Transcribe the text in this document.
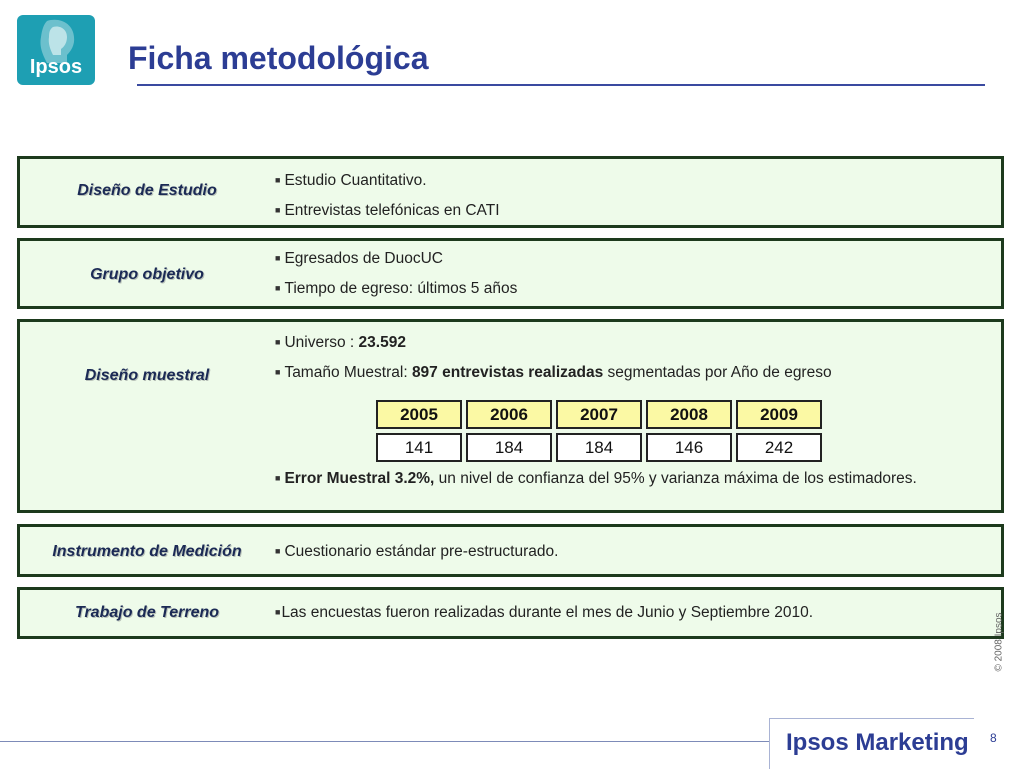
Ipsos	Ficha metodológica
Diseño de Estudio
■ Estudio Cuantitativo.
■ Entrevistas telefónicas en CATI
Grupo objetivo
■ Egresados de DuocUC
■ Tiempo de egreso: últimos 5 años
Diseño muestral
■ Universo : 23.592
■ Tamaño Muestral: 897 entrevistas realizadas segmentadas por Año de egreso
2005		2006		2007		2008		2009

141		184		184		146		242
■ Error Muestral 3.2%, un nivel de confianza del 95% y varianza máxima de los estimadores.
Instrumento de Medición	■ Cuestionario estándar pre-estructurado.
Trabajo de Terreno	■Las encuestas fueron realizadas durante el mes de Junio y Septiembre 2010.	© 2008 Ipsos
Ipsos Marketing 8
